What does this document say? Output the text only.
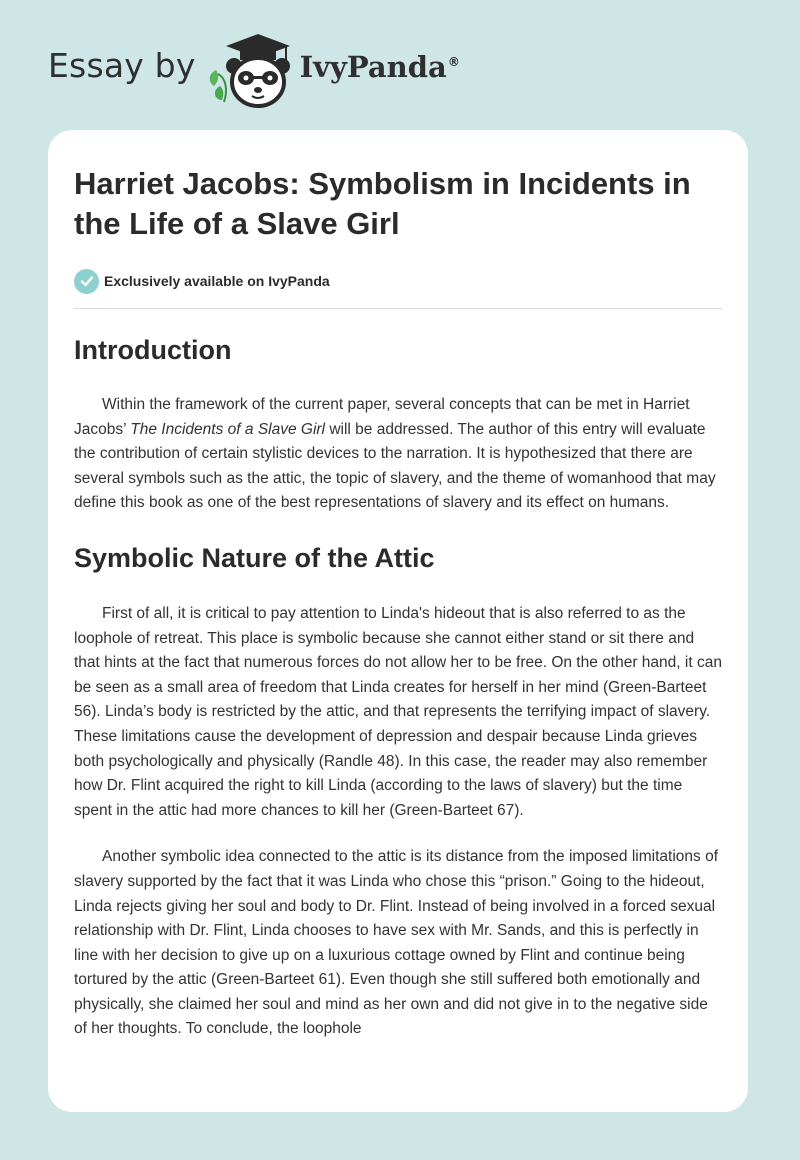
Essay by	IvyPanda®
Harriet Jacobs: Symbolism in Incidents in the Life of a Slave Girl
Exclusively available on IvyPanda
Introduction

Within the framework of the current paper, several concepts that can be met in Harriet Jacobs’ The Incidents of a Slave Girl will be addressed. The author of this entry will evaluate the contribution of certain stylistic devices to the narration. It is hypothesized that there are several symbols such as the attic, the topic of slavery, and the theme of womanhood that may define this book as one of the best representations of slavery and its effect on humans.

Symbolic Nature of the Attic

First of all, it is critical to pay attention to Linda's hideout that is also referred to as the loophole of retreat. This place is symbolic because she cannot either stand or sit there and that hints at the fact that numerous forces do not allow her to be free. On the other hand, it can be seen as a small area of freedom that Linda creates for herself in her mind (Green-Barteet 56). Linda’s body is restricted by the attic, and that represents the terrifying impact of slavery. These limitations cause the development of depression and despair because Linda grieves both psychologically and physically (Randle 48). In this case, the reader may also remember how Dr. Flint acquired the right to kill Linda (according to the laws of slavery) but the time spent in the attic had more chances to kill her (Green-Barteet 67).

Another symbolic idea connected to the attic is its distance from the imposed limitations of slavery supported by the fact that it was Linda who chose this “prison.” Going to the hideout, Linda rejects giving her soul and body to Dr. Flint. Instead of being involved in a forced sexual relationship with Dr. Flint, Linda chooses to have sex with Mr. Sands, and this is perfectly in line with her decision to give up on a luxurious cottage owned by Flint and continue being tortured by the attic (Green-Barteet 61). Even though she still suffered both emotionally and physically, she claimed her soul and mind as her own and did not give in to the negative side of her thoughts. To conclude, the loophole
